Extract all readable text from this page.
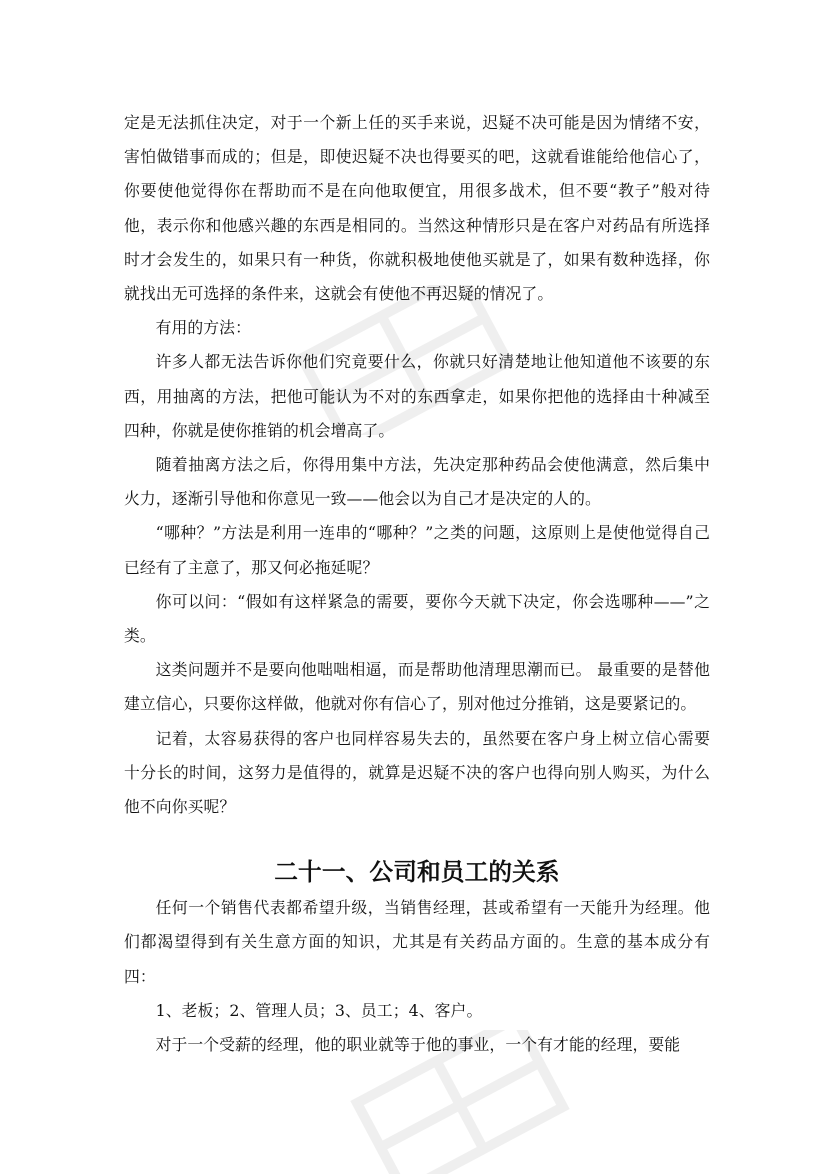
定是无法抓住决定，对于一个新上任的买手来说，迟疑不决可能是因为情绪不安，害怕做错事而成的；但是，即使迟疑不决也得要买的吧，这就看谁能给他信心了，你要使他觉得你在帮助而不是在向他取便宜，用很多战术，但不要“教子”般对待他，表示你和他感兴趣的东西是相同的。当然这种情形只是在客户对药品有所选择时才会发生的，如果只有一种货，你就积极地使他买就是了，如果有数种选择，你就找出无可选择的条件来，这就会有使他不再迟疑的情况了。

有用的方法：

许多人都无法告诉你他们究竟要什么，你就只好清楚地让他知道他不该要的东西，用抽离的方法，把他可能认为不对的东西拿走，如果你把他的选择由十种减至四种，你就是使你推销的机会增高了。

随着抽离方法之后，你得用集中方法，先决定那种药品会使他满意，然后集中火力，逐渐引导他和你意见一致——他会以为自己才是决定的人的。

“哪种？”方法是利用一连串的“哪种？”之类的问题，这原则上是使他觉得自己已经有了主意了，那又何必拖延呢？

你可以问：“假如有这样紧急的需要，要你今天就下决定，你会选哪种——”之类。

这类问题并不是要向他咄咄相逼，而是帮助他清理思潮而已。 最重要的是替他建立信心，只要你这样做，他就对你有信心了，别对他过分推销，这是要紧记的。

记着，太容易获得的客户也同样容易失去的，虽然要在客户身上树立信心需要十分长的时间，这努力是值得的，就算是迟疑不决的客户也得向别人购买，为什么他不向你买呢？

二十一、公司和员工的关系

任何一个销售代表都希望升级，当销售经理，甚或希望有一天能升为经理。他们都渴望得到有关生意方面的知识，尤其是有关药品方面的。生意的基本成分有四：

1、老板；2、管理人员；3、员工；4、客户。

对于一个受薪的经理，他的职业就等于他的事业，一个有才能的经理，要能
